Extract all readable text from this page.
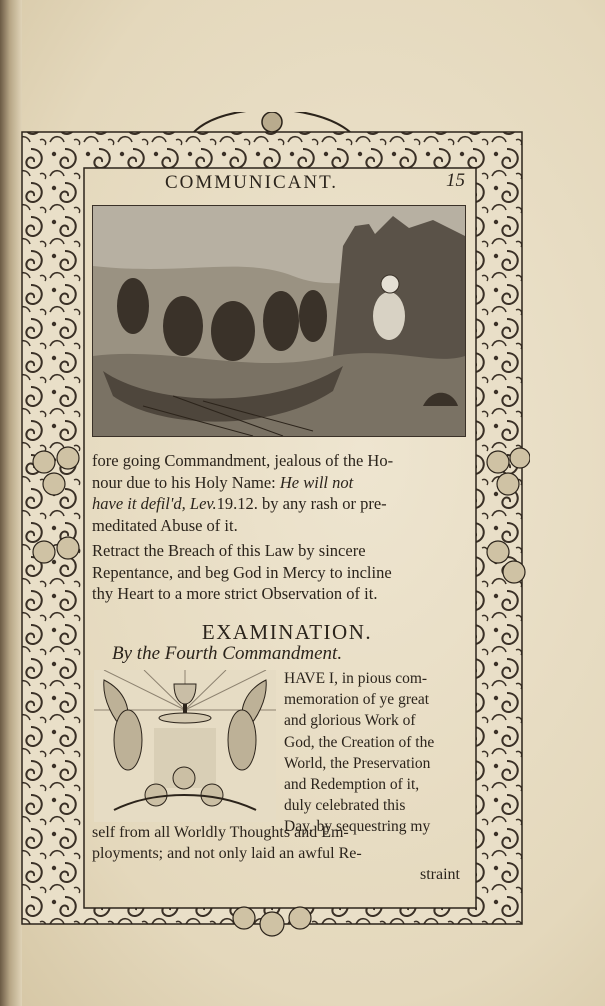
COMMUNICANT.	15

fore going Commandment, jealous of the Ho-

nour due to his Holy Name: He will not

have it defil'd, Lev.19.12. by any rash or pre-

meditated Abuse of it.

Retract the Breach of this Law by sincere

Repentance, and beg God in Mercy to incline

thy Heart to a more strict Observation of it.

EXAMINATION.
By the Fourth Commandment.
HAVE I, in pious com-
memoration of ye great
and glorious Work of
God, the Creation of the
World, the Preservation
and Redemption of it,
duly celebrated this
Day, by sequestring my
self from all Worldly Thoughts and Em-
ployments; and not only laid an awful Re-
straint
